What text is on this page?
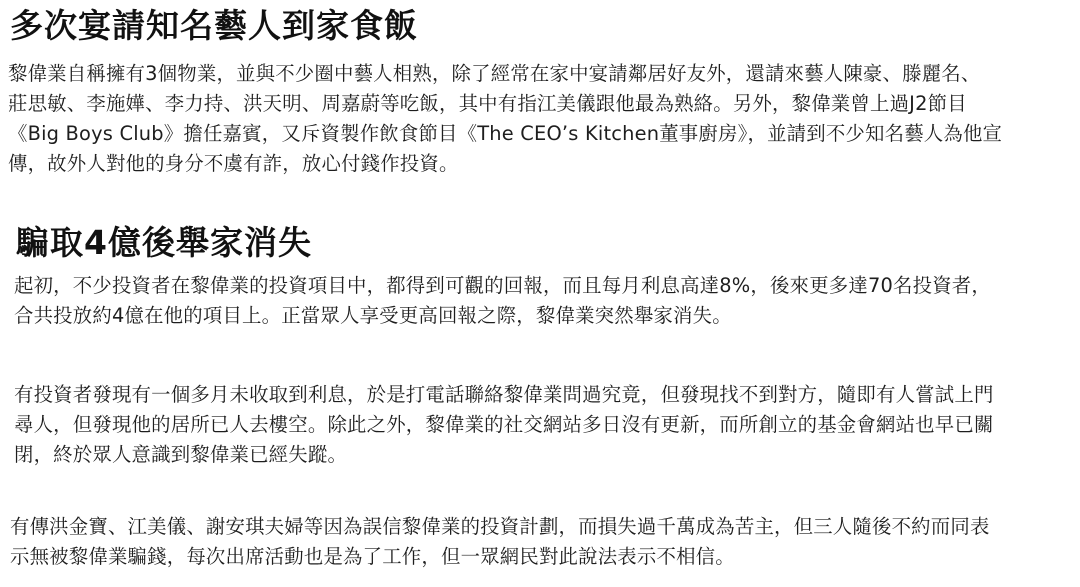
多次宴請知名藝人到家食飯

黎偉業自稱擁有3個物業，並與不少圈中藝人相熟，除了經常在家中宴請鄰居好友外，還請來藝人陳豪、滕麗名、
莊思敏、李施嬅、李力持、洪天明、周嘉蔚等吃飯，其中有指江美儀跟他最為熟絡。另外，黎偉業曾上過J2節目
《Big Boys Club》擔任嘉賓，又斥資製作飲食節目《The CEO’s Kitchen董事廚房》，並請到不少知名藝人為他宣
傳，故外人對他的身分不虞有詐，放心付錢作投資。

騙取4億後舉家消失

起初，不少投資者在黎偉業的投資項目中，都得到可觀的回報，而且每月利息高達8%，後來更多達70名投資者，
合共投放約4億在他的項目上。正當眾人享受更高回報之際，黎偉業突然舉家消失。

有投資者發現有一個多月未收取到利息，於是打電話聯絡黎偉業問過究竟，但發現找不到對方，隨即有人嘗試上門
尋人，但發現他的居所已人去樓空。除此之外，黎偉業的社交網站多日沒有更新，而所創立的基金會網站也早已關
閉，終於眾人意識到黎偉業已經失蹤。

有傳洪金寶、江美儀、謝安琪夫婦等因為誤信黎偉業的投資計劃，而損失過千萬成為苦主，但三人隨後不約而同表
示無被黎偉業騙錢，每次出席活動也是為了工作，但一眾網民對此說法表示不相信。
